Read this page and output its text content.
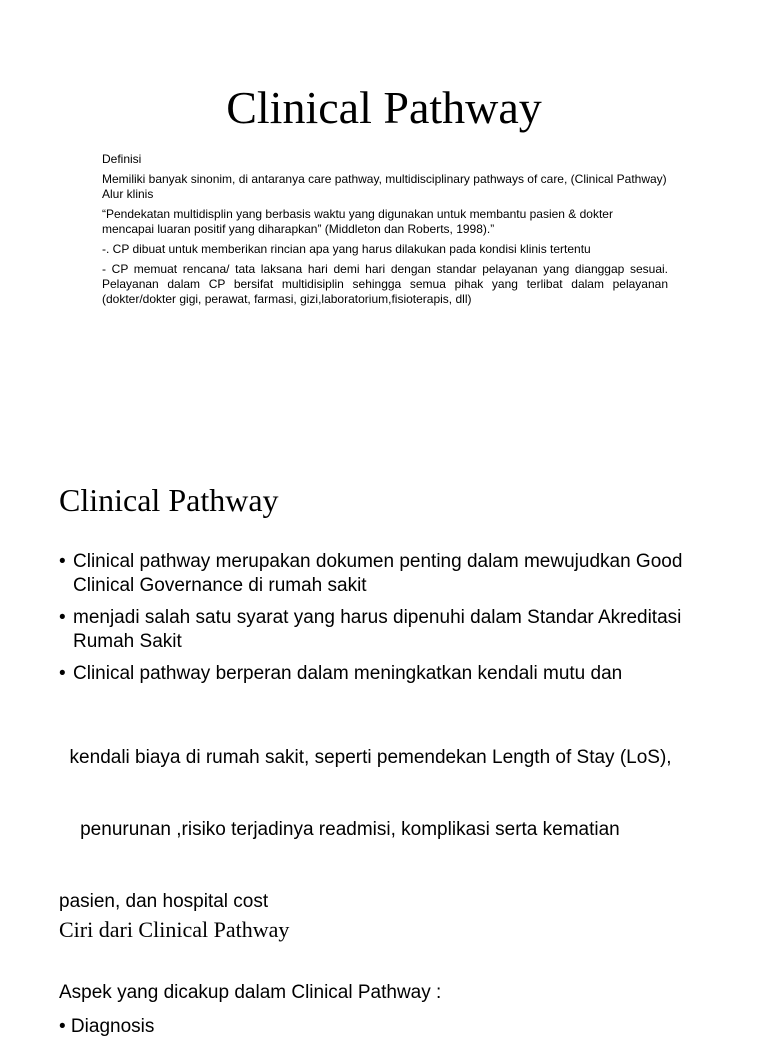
Clinical Pathway

Definisi

Memiliki banyak sinonim, di antaranya care pathway, multidisciplinary pathways of care, (Clinical Pathway) Alur klinis

“Pendekatan multidisplin yang berbasis waktu yang digunakan untuk membantu pasien & dokter mencapai luaran positif yang diharapkan” (Middleton dan Roberts, 1998).”

-. CP dibuat untuk memberikan rincian apa yang harus dilakukan pada kondisi klinis tertentu

- CP memuat rencana/ tata laksana hari demi hari dengan standar pelayanan yang dianggap sesuai. Pelayanan dalam CP bersifat multidisiplin sehingga semua pihak yang terlibat dalam pelayanan (dokter/dokter gigi, perawat, farmasi, gizi,laboratorium,fisioterapis, dll)

Clinical Pathway
• Clinical pathway merupakan dokumen penting dalam mewujudkan Good Clinical Governance di rumah sakit
• menjadi salah satu syarat yang harus dipenuhi dalam Standar Akreditasi Rumah Sakit
• Clinical pathway berperan dalam meningkatkan kendali mutu dan

kendali biaya di rumah sakit, seperti pemendekan Length of Stay (LoS),

penurunan ,risiko terjadinya readmisi, komplikasi serta kematian

pasien, dan hospital cost

Ciri dari Clinical Pathway
Aspek yang dicakup dalam Clinical Pathway :
• Diagnosis
